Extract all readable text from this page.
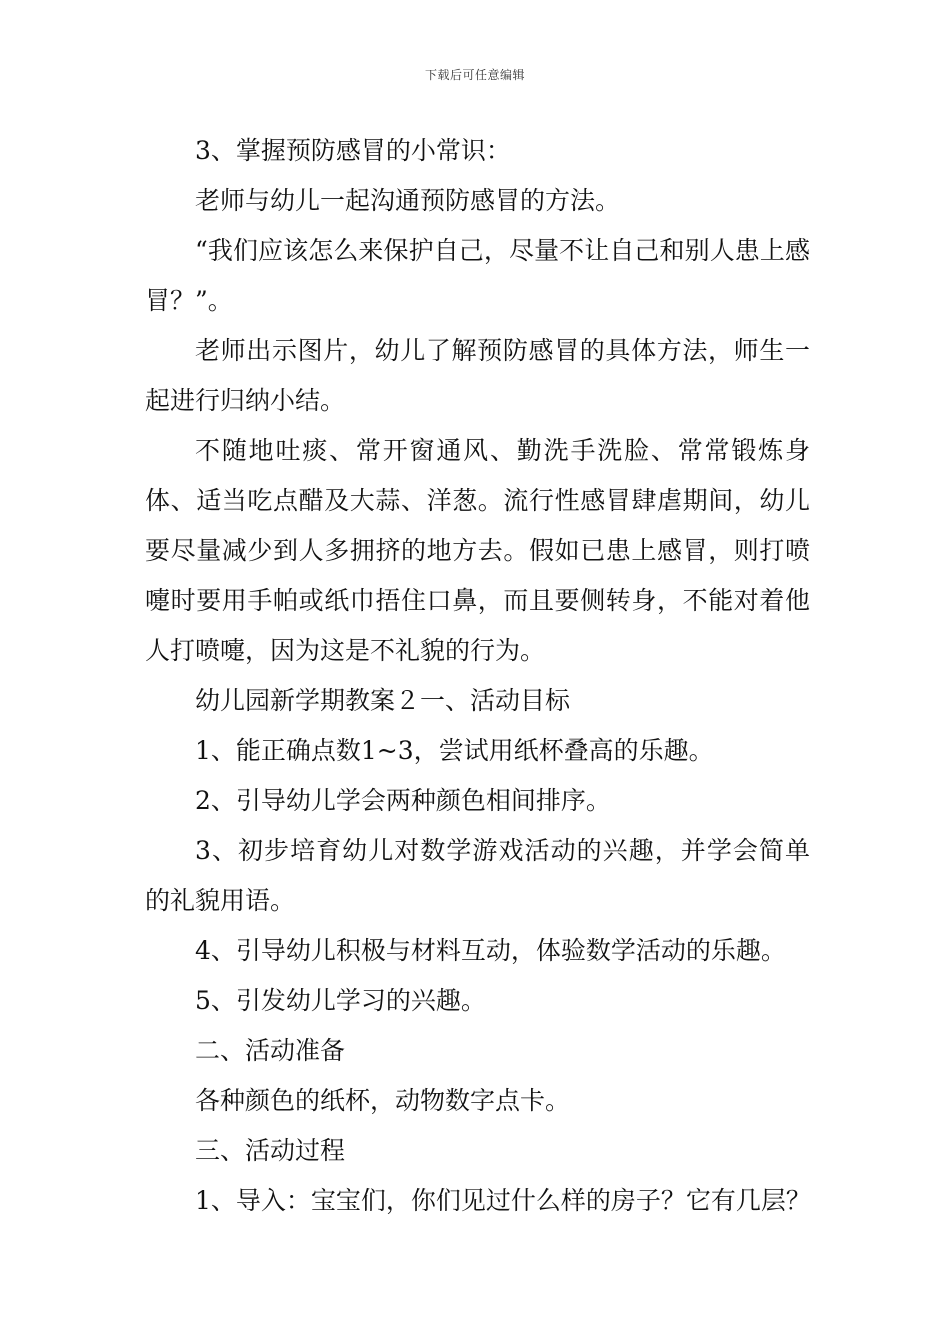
下载后可任意编辑

3、掌握预防感冒的小常识：

老师与幼儿一起沟通预防感冒的方法。

“我们应该怎么来保护自己，尽量不让自己和别人患上感冒？”。

老师出示图片，幼儿了解预防感冒的具体方法，师生一起进行归纳小结。

不随地吐痰、常开窗通风、勤洗手洗脸、常常锻炼身体、适当吃点醋及大蒜、洋葱。流行性感冒肆虐期间，幼儿要尽量减少到人多拥挤的地方去。假如已患上感冒，则打喷嚏时要用手帕或纸巾捂住口鼻，而且要侧转身，不能对着他人打喷嚏，因为这是不礼貌的行为。

幼儿园新学期教案２一、活动目标

1、能正确点数1~3，尝试用纸杯叠高的乐趣。

2、引导幼儿学会两种颜色相间排序。

3、初步培育幼儿对数学游戏活动的兴趣，并学会简单的礼貌用语。

4、引导幼儿积极与材料互动，体验数学活动的乐趣。

5、引发幼儿学习的兴趣。

二、活动准备

各种颜色的纸杯，动物数字点卡。

三、活动过程

1、导入：宝宝们，你们见过什么样的房子？它有几层？
